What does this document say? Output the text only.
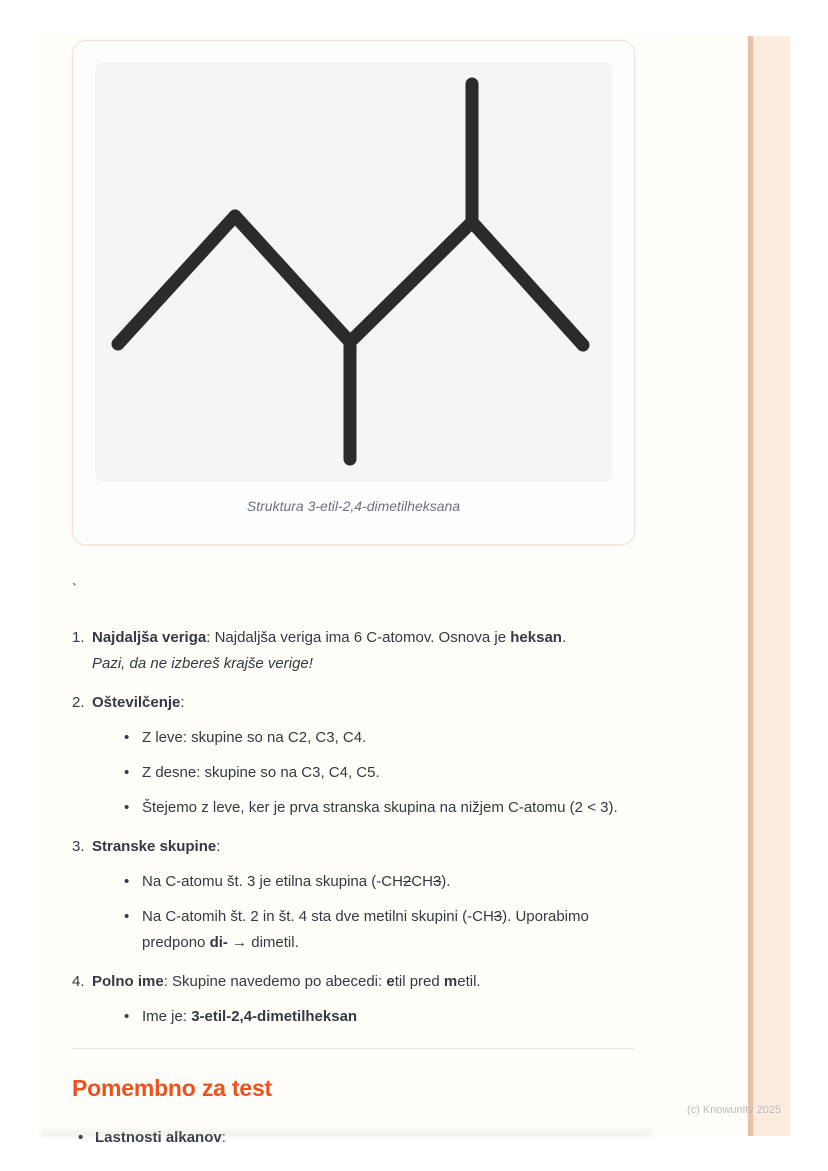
Struktura 3-etil-2,4-dimetilheksana
`
1. Najdaljša veriga: Najdaljša veriga ima 6 C-atomov. Osnova je heksan.
Pazi, da ne izbereš krajše verige!
2. Oštevilčenje:
• Z leve: skupine so na C2, C3, C4.
• Z desne: skupine so na C3, C4, C5.
• Štejemo z leve, ker je prva stranska skupina na nižjem C-atomu (2 < 3).
3. Stranske skupine:
• Na C-atomu št. 3 je etilna skupina (-CH2CH3).
• Na C-atomih št. 2 in št. 4 sta dve metilni skupini (-CH3). Uporabimo predpono di- → dimetil.
4. Polno ime: Skupine navedemo po abecedi: etil pred metil.
• Ime je: 3-etil-2,4-dimetilheksan
Pomembno za test
• Lastnosti alkanov:
(c) Knowunity 2025
